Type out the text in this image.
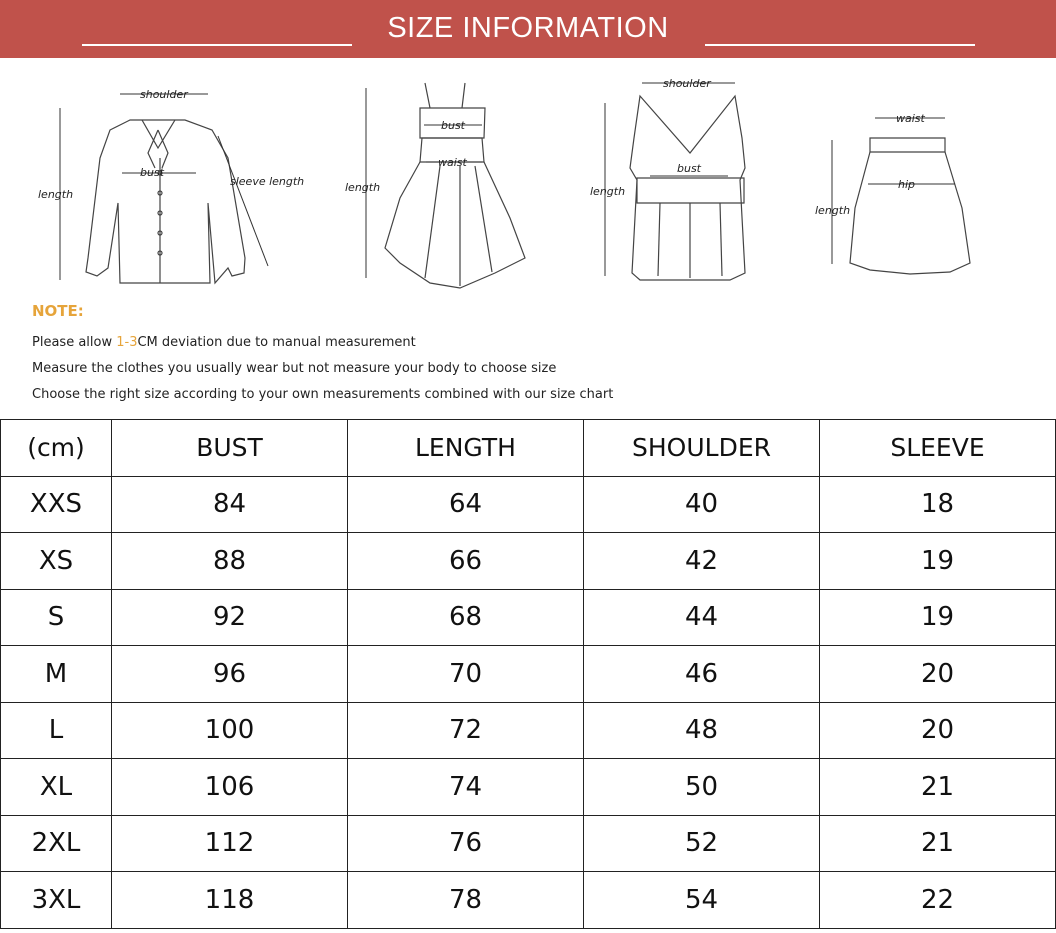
SIZE INFORMATION
shoulder
length
bust
sleeve length	length
bust
waist
shoulder
length
bust
waist
hip
length
NOTE:
Please allow 1-3CM deviation due to manual measurement
Measure the clothes you usually wear but not measure your body to choose size
Choose the right size according to your own measurements combined with our size chart
(cm)	BUST	LENGTH	SHOULDER	SLEEVE
XXS	84	64	40	18
XS	88	66	42	19
S	92	68	44	19
M	96	70	46	20
L	100	72	48	20
XL	106	74	50	21
2XL	112	76	52	21
3XL	118	78	54	22
